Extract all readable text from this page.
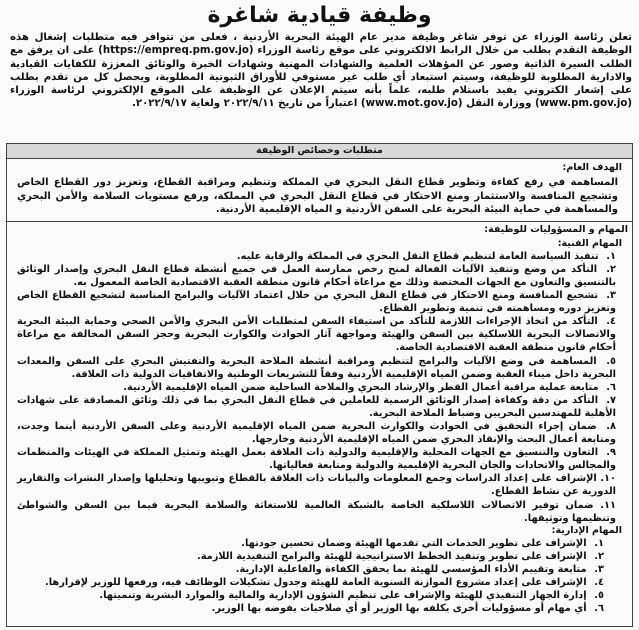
وظيفة قيادية شاغرة

تعلن رئاسة الوزراء عن توفر شاغر وظيفة مدير عام الهيئة البحرية الأردنية ، فعلى من تتوافر فيه متطلبات إشغال هذه الوظيفة التقدم بطلب من خلال الرابط الالكتروني على موقع رئاسة الوزراء (https://empreq.pm.gov.jo) على ان يرفق مع الطلب السيرة الذاتية وصور عن المؤهلات العلمية والشهادات المهنية وشهادات الخبرة والوثائق المعززة للكفايات القيادية والادارية المطلوبة للوظيفة، وسيتم استبعاد أي طلب غير مستوفي للأوراق الثبوتية المطلوبة، ويحصل كل من تقدم بطلب على إشعار الكتروني يفيد باستلام طلبه، علماً بأنه سيتم الإعلان عن الوظيفة على الموقع الإلكتروني لرئاسة الوزراء (www.pm.gov.jo) ووزارة النقل (www.mot.gov.jo) اعتباراً من تاريخ ٢٠٢٢/٩/١١ ولغاية ٢٠٢٢/٩/١٧.

متطلبات وخصائص الوظيفة
الهدف العام:
المساهمة في رفع كفاءة وتطوير قطاع النقل البحري في المملكة وتنظيم ومراقبة القطاع، وتعزيز دور القطاع الخاص وتشجيع المنافسة والاستثمار ومنع الاحتكار في قطاع النقل البحري في المملكة، ورفع مستويات السلامة والأمن البحري والمساهمة في حماية البيئة البحرية على السفن الأردنية و المياه الإقليمية الأردنية.
المهام و المسؤوليات للوظيفة:
المهام الفنية:
١. تنفيذ السياسة العامة لتنظيم قطاع النقل البحري في المملكة والرقابة عليه.
٢. التأكد من وضع وتنفيذ الآليات الفعالة لمنح رخص ممارسة العمل في جميع أنشطة قطاع النقل البحري وإصدار الوثائق بالتنسيق والتعاون مع الجهات المختصة وذلك مع مراعاة أحكام قانون منطقة العقبة الاقتصادية الخاصة المعمول به.
٣. تشجيع المنافسة ومنع الاحتكار في قطاع النقل البحري من خلال اعتماد الآليات والبرامج المناسبة لتشجيع القطاع الخاص وتعزيز دوره ومساهمته في تنمية وتطوير القطاع.
٤. التأكد من اتخاذ الإجراءات اللازمة للتأكد من استيفاء السفن لمتطلبات الأمن البحري والأمن الصحي وحماية البيئة البحرية والاتصالات البحرية اللاسلكية بين السفن والهيئة ومواجهة آثار الحوادث والكوارث البحرية وحجز السفن المخالفة مع مراعاة أحكام قانون منطقة العقبة الاقتصادية الخاصة.
٥. المساهمة في وضع الآليات والبرامج لتنظيم ومراقبة أنشطة الملاحة البحرية والتفتيش البحري على السفن والمعدات البحرية داخل ميناء العقبة وضمن المياه الإقليمية الأردنية وفقاً للتشريعات الوطنية والاتفاقيات الدولية ذات العلاقة.
٦. متابعة عملية مراقبة أعمال القطر والإرشاد البحري والملاحة الساحلية ضمن المياه الإقليمية الأردنية.
٧. التأكد من دقة وكفاءة إصدار الوثائق الرسمية للعاملين في قطاع النقل البحري بما في ذلك وثائق المصادقة على شهادات الأهلية للمهندسين البحريين وضباط الملاحة البحرية.
٨. ضمان إجراء التحقيق في الحوادث والكوارث البحرية ضمن المياه الإقليمية الأردنية وعلى السفن الأردنية أينما وجدت، ومتابعة أعمال البحث والإنقاذ البحري ضمن المياه الإقليمية الأردنية وخارجها.
٩. التعاون والتنسيق مع الجهات المحلية والإقليمية والدولية ذات العلاقة بعمل الهيئة وتمثيل المملكة في الهيئات والمنظمات والمجالس والاتحادات والجان البحرية الإقليمية والدولية ومتابعة فعالياتها.
١٠. الإشراف على إعداد الدراسات وجمع المعلومات والبيانات ذات العلاقة بالقطاع وتبويبها وتحليلها وإصدار النشرات والتقارير الدورية عن نشاط القطاع.
١١. ضمان توفير الاتصالات اللاسلكية الخاصة بالشبكة العالمية للاستغاثة والسلامة البحرية فيما بين السفن والشواطئ وتنظيمها وتوثيقها.
المهام الإدارية:
١. الإشراف على تطوير الخدمات التي تقدمها الهيئة وضمان تحسين جودتها.
٢. الإشراف على تطوير وتنفيذ الخطط الاستراتيجية للهيئة والبرامج التنفيذية اللازمة.
٣. متابعة وتقييم الأداء المؤسسي للهيئة بما يحقق الكفاءة والفاعلية الإدارية.
٤. الإشراف على إعداد مشروع الموازنة السنوية العامة للهيئة وجدول تشكيلات الوظائف فيه، ورفعها للوزير لإقرارها.
٥. إدارة الجهاز التنفيذي للهيئة والإشراف على تنظيم الشؤون الإدارية والمالية والموارد البشرية وتنميتها.
٦. أي مهام أو مسؤوليات أخرى يكلفه بها الوزير أو أي صلاحيات يفوضه بها الوزير.
